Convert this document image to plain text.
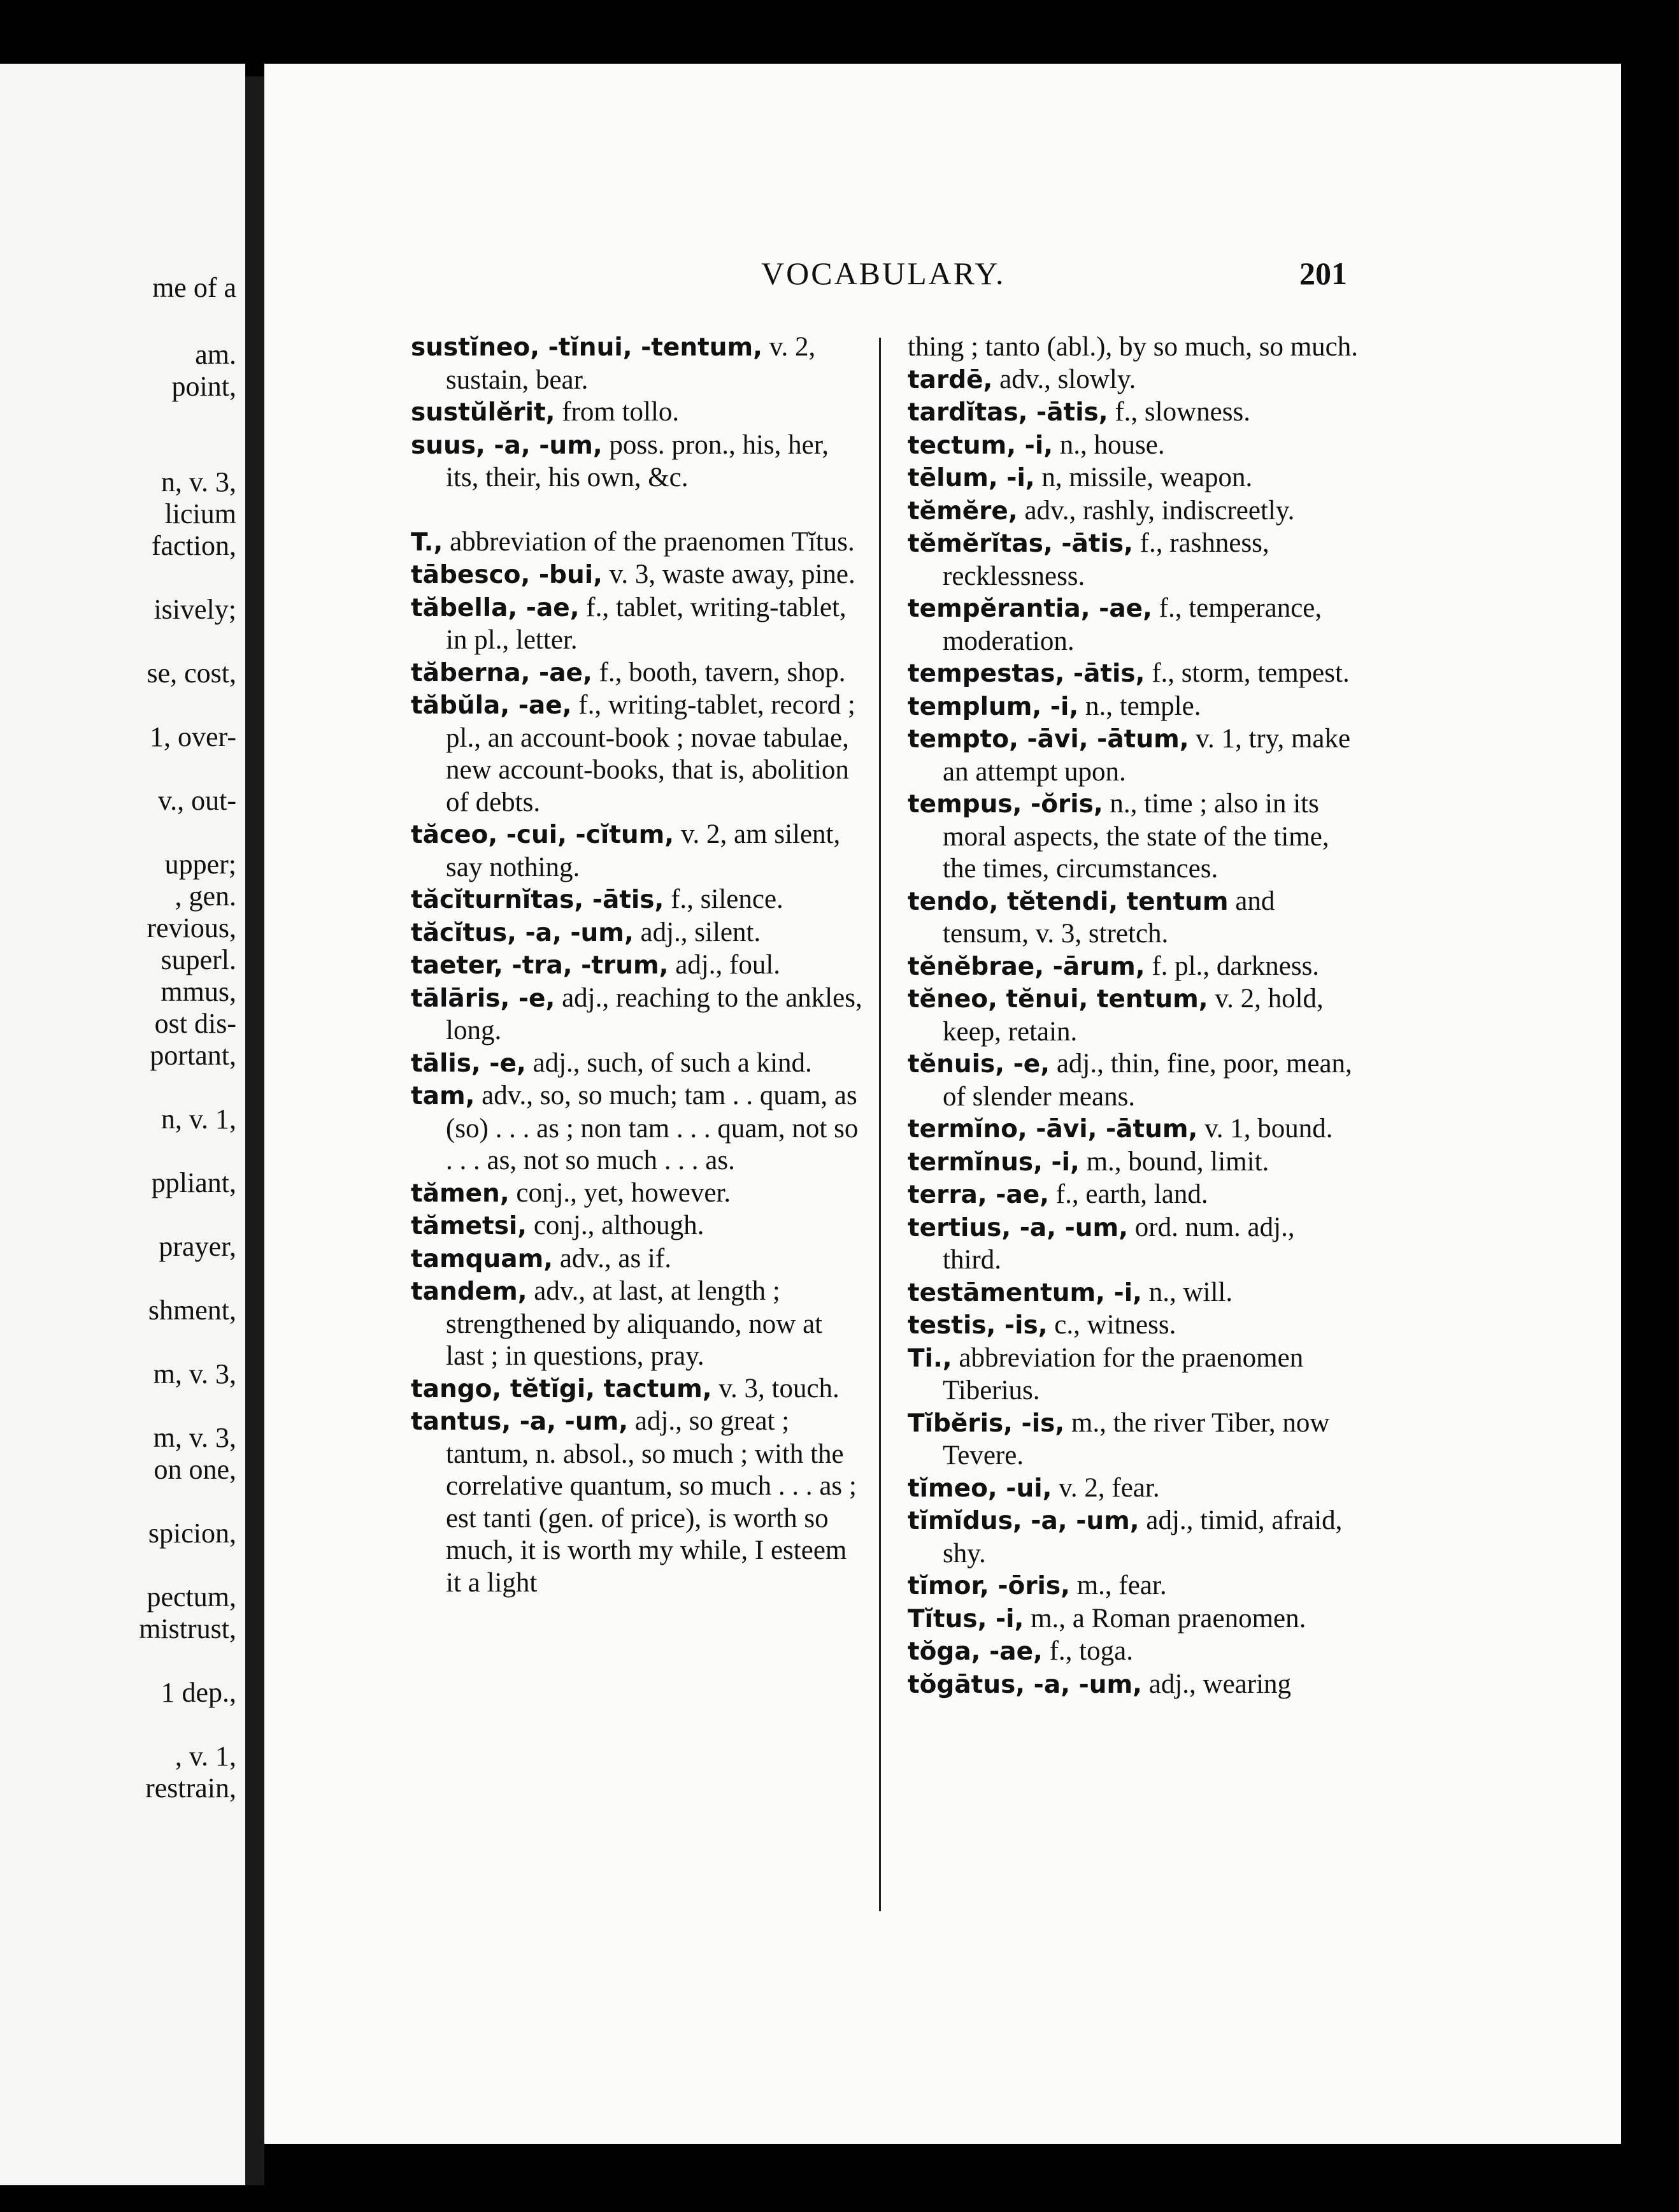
me of a
am.
point,
n, v. 3,
licium
faction,
isively;
se, cost,
1, over-
v., out-
upper;
, gen.
revious,
superl.
mmus,
ost dis-
portant,
n, v. 1,
ppliant,
prayer,
shment,
m, v. 3,
m, v. 3,
on one,
spicion,
pectum,
mistrust,
1 dep.,
, v. 1,
restrain,
VOCABULARY.	201

sustĭneo, -tĭnui, -tentum, v. 2, sustain, bear.

sustŭlĕrit, from tollo.

suus, -a, -um, poss. pron., his, her, its, their, his own, &c.

T., abbreviation of the praenomen Tĭtus.

tābesco, -bui, v. 3, waste away, pine.

tăbella, -ae, f., tablet, writing-tablet, in pl., letter.

tăberna, -ae, f., booth, tavern, shop.

tăbŭla, -ae, f., writing-tablet, record ; pl., an account-book ; novae tabulae, new account-books, that is, abolition of debts.

tăceo, -cui, -cĭtum, v. 2, am silent, say nothing.

tăcĭturnĭtas, -ātis, f., silence.

tăcĭtus, -a, -um, adj., silent.

taeter, -tra, -trum, adj., foul.

tālāris, -e, adj., reaching to the ankles, long.

tālis, -e, adj., such, of such a kind.

tam, adv., so, so much; tam . . quam, as (so) . . . as ; non tam . . . quam, not so . . . as, not so much . . . as.

tămen, conj., yet, however.

tămetsi, conj., although.

tamquam, adv., as if.

tandem, adv., at last, at length ; strengthened by aliquando, now at last ; in questions, pray.

tango, tĕtĭgi, tactum, v. 3, touch.

tantus, -a, -um, adj., so great ; tantum, n. absol., so much ; with the correlative quantum, so much . . . as ; est tanti (gen. of price), is worth so much, it is worth my while, I esteem it a light

thing ; tanto (abl.), by so much, so much.

tardē, adv., slowly.

tardĭtas, -ātis, f., slowness.

tectum, -i, n., house.

tēlum, -i, n, missile, weapon.

tĕmĕre, adv., rashly, indiscreetly.

tĕmĕrĭtas, -ātis, f., rashness, recklessness.

tempĕrantia, -ae, f., temperance, moderation.

tempestas, -ātis, f., storm, tempest.

templum, -i, n., temple.

tempto, -āvi, -ātum, v. 1, try, make an attempt upon.

tempus, -ŏris, n., time ; also in its moral aspects, the state of the time, the times, circumstances.

tendo, tĕtendi, tentum and tensum, v. 3, stretch.

tĕnĕbrae, -ārum, f. pl., darkness.

tĕneo, tĕnui, tentum, v. 2, hold, keep, retain.

tĕnuis, -e, adj., thin, fine, poor, mean, of slender means.

termĭno, -āvi, -ātum, v. 1, bound.

termĭnus, -i, m., bound, limit.

terra, -ae, f., earth, land.

tertius, -a, -um, ord. num. adj., third.

testāmentum, -i, n., will.

testis, -is, c., witness.

Ti., abbreviation for the praenomen Tiberius.

Tĭbĕris, -is, m., the river Tiber, now Tevere.

tĭmeo, -ui, v. 2, fear.

tĭmĭdus, -a, -um, adj., timid, afraid, shy.

tĭmor, -ōris, m., fear.

Tĭtus, -i, m., a Roman praenomen.

tŏga, -ae, f., toga.

tŏgātus, -a, -um, adj., wearing
